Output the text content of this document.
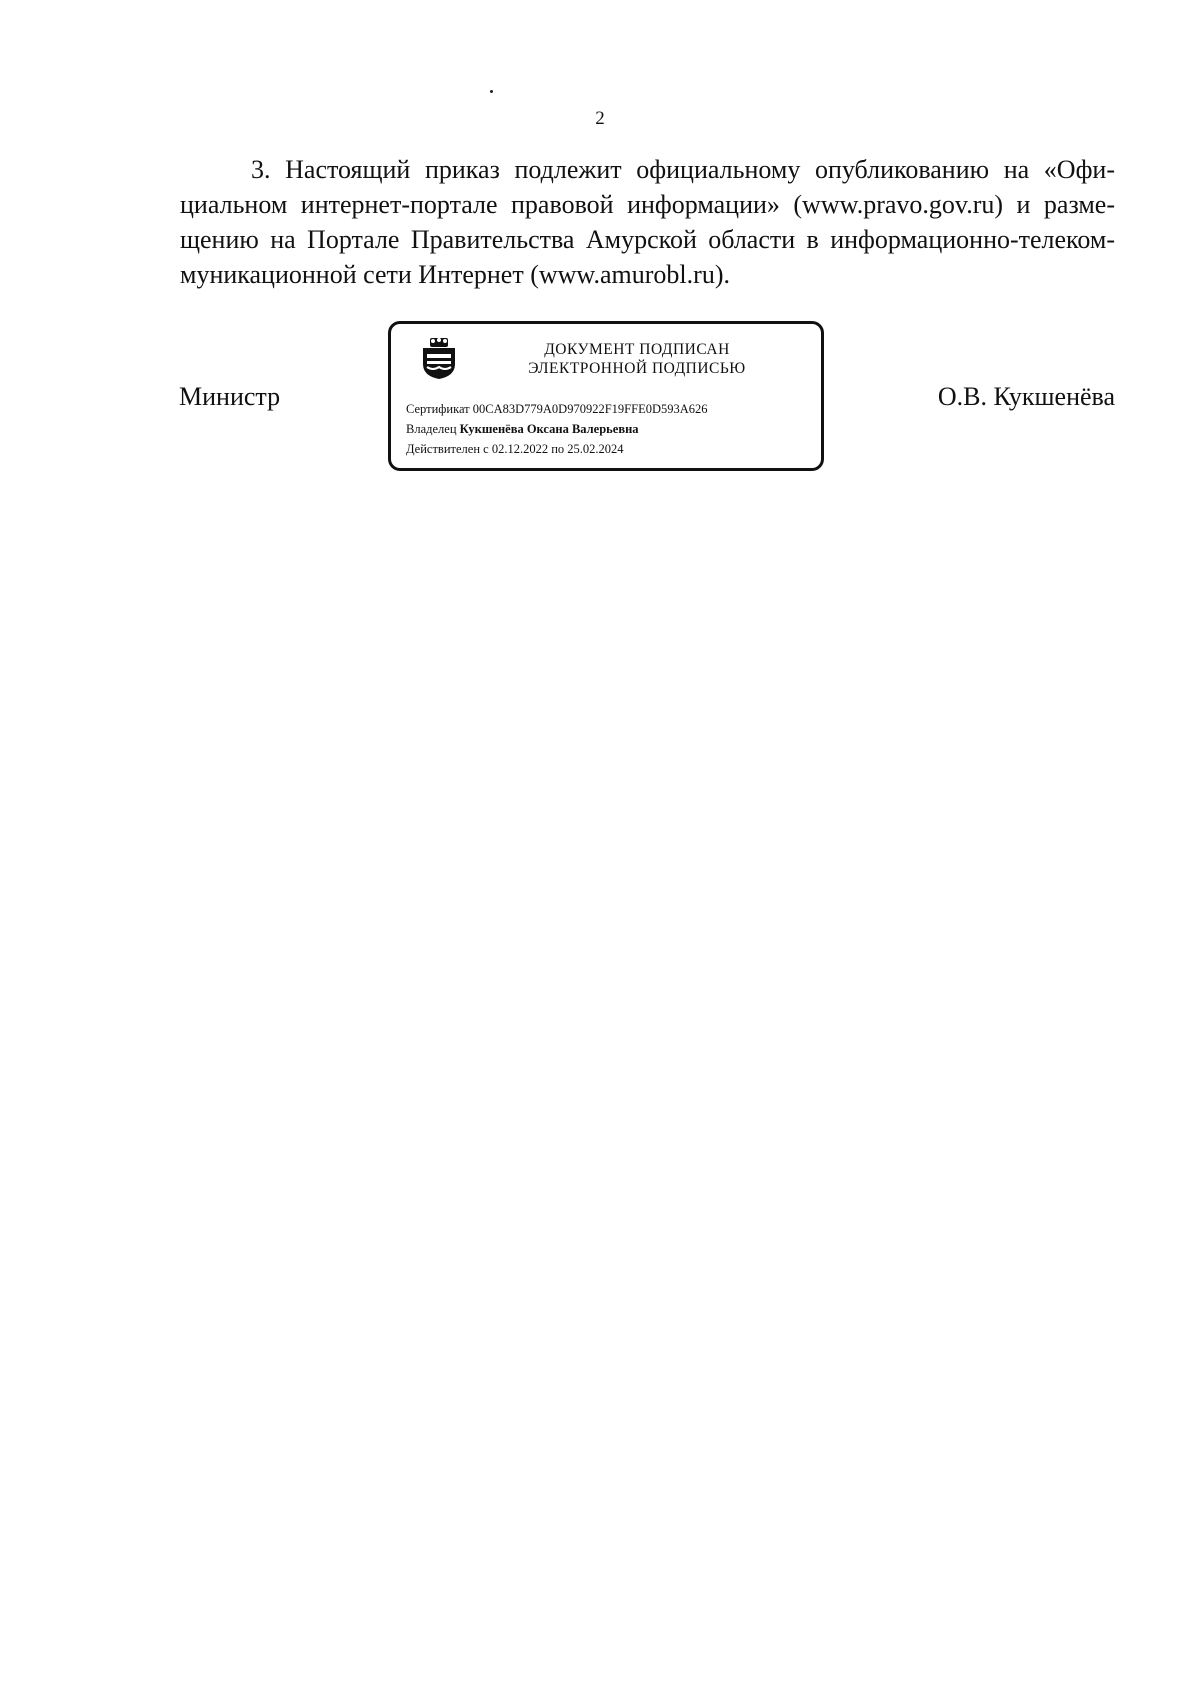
2
3. Настоящий приказ подлежит официальному опубликованию на «Офи-
циальном интернет-портале правовой информации» (www.pravo.gov.ru) и разме-
щению на Портале Правительства Амурской области в информационно-телеком-
муникационной сети Интернет (www.amurobl.ru).
Министр
ДОКУМЕНТ ПОДПИСАН
ЭЛЕКТРОННОЙ ПОДПИСЬЮ
Сертификат 00CA83D779A0D970922F19FFE0D593A626
Владелец Кукшенёва Оксана Валерьевна
Действителен с 02.12.2022 по 25.02.2024
О.В. Кукшенёва
